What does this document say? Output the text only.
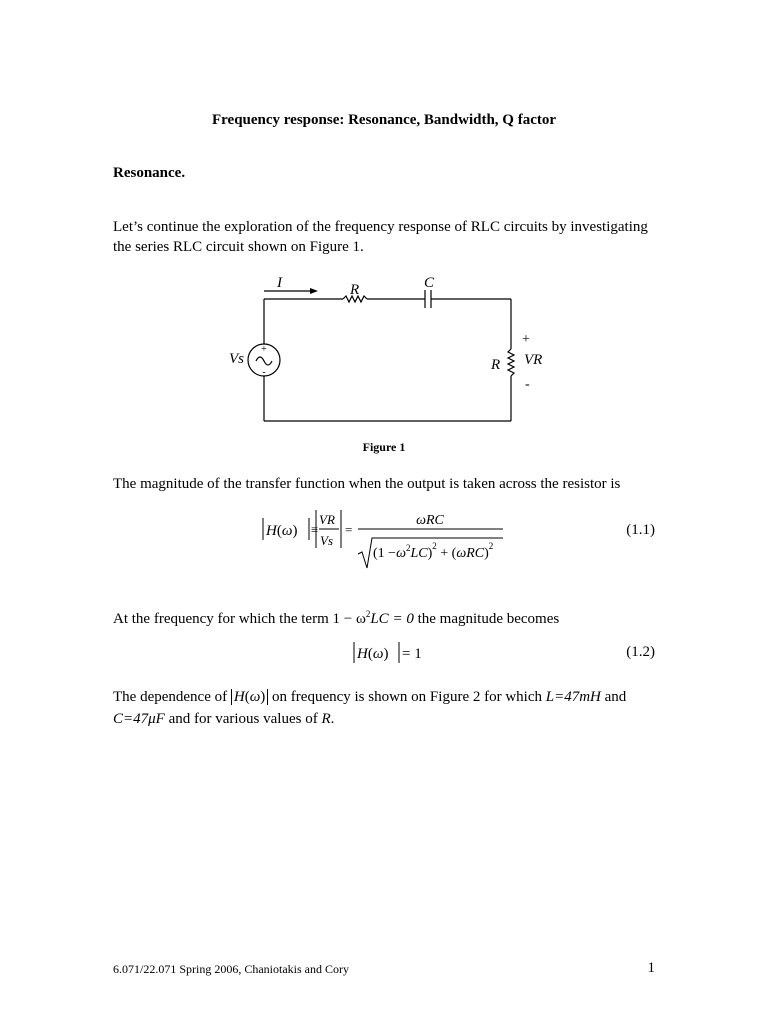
Frequency response: Resonance, Bandwidth, Q factor
Resonance.
Let’s continue the exploration of the frequency response of RLC circuits by investigating
the series RLC circuit shown on Figure 1.
+
-
I	R	C
Vs	R
+
VR
-
Figure 1
The magnitude of the transfer function when the output is taken across the resistor is
H(ω) ≡
VR
Vs
=
ωRC
$(1 -\omega^2LC)^2 + (\omega RC)^2$
(1.1)
At the frequency for which the term $1 - \omega^2LC = 0$ the magnitude becomes
H(ω) = 1	(1.2)
The dependence of H(ω) on frequency is shown on Figure 2 for which L=47mH and C=47μF and for various values of R.
6.071/22.071 Spring 2006, Chaniotakis and Cory	1
